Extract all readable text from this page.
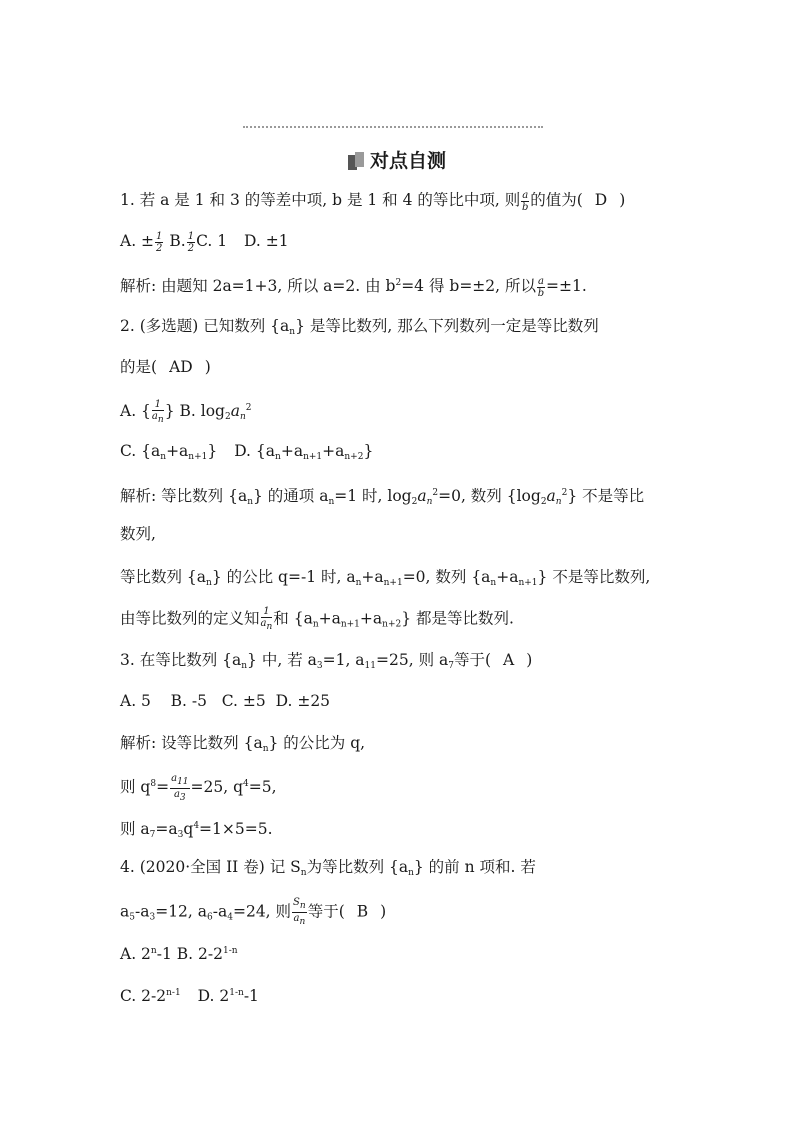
对点自测
1. 若 a 是 1 和 3 的等差中项, b 是 1 和 4 的等比中项, 则 $\frac{a}{b}$ 的值为( D )
A. ± $\frac{1}{2} B$. $\frac{1}{2} C$. 1 D. ±1
解析: 由题知 2a=1+3, 所以 a=2. 由 $b^2=4$ 得 b=±2, 所以 $\frac{a}{b} =\pm 1$.
2. (多选题) 已知数列 $\{a_n\}$ 是等比数列, 那么下列数列一定是等比数列
的是( AD )
A. { $\frac{1}{a_n}$ } B. $\log_2a_n^2$
C. $\{a_n+a_{n+1}\}$ D. $\{a_n+a_{n+1}+a_{n+2}\}$
解析: 等比数列 $\{a_n\}$ 的通项 $a_n=1$ 时, $\log_2a_n^2=0$, 数列 $\{\log_2a_n^2\}$ 不是等比
数列,
等比数列 $\{a_n\}$ 的公比 q=-1 时, $a_n+a_{n+1}=0$, 数列 $\{a_n+a_{n+1}\}$ 不是等比数列,
由等比数列的定义知 $\frac{1}{a_n}$ 和 $\{a_n+a_{n+1}+a_{n+2}\}$ 都是等比数列.
3. 在等比数列 $\{a_n\}$ 中, 若 $a_3=1$, $a_{11}=25$, 则 $a_7$等于( A )
A. 5    B. -5   C. ±5  D. ±25
解析: 设等比数列 $\{a_n\}$ 的公比为 q,
则 $q^8= \frac{a_{11}}{a_3} =25$, $q^4=5$,
则 $a_7=a_3q^4=1\times 5=5$.
4. (2020·全国 II 卷) 记 $S_n$为等比数列 $\{a_n\}$ 的前 n 项和. 若
$a_5-a_3=12$, $a_6-a_4=24$, 则 $\frac{S_n}{a_n}$ 等于( B )
A. 2$^n$-1 B. 2-2$^{1-n}$
C. 2-2$^{n-1}$ D. 2$^{1-n}$-1
